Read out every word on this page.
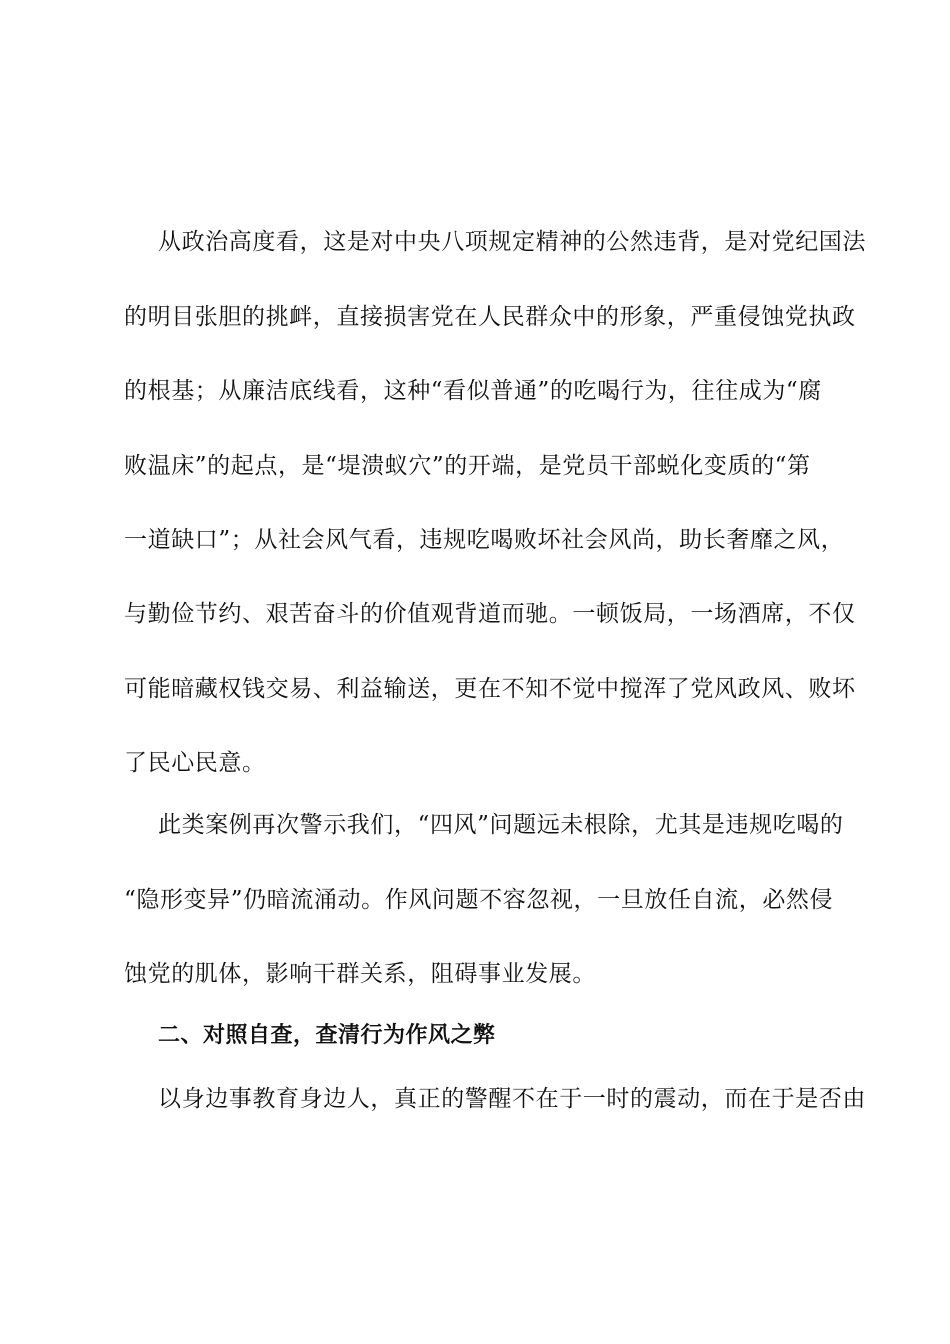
从政治高度看，这是对中央八项规定精神的公然违背，是对党纪国法
的明目张胆的挑衅，直接损害党在人民群众中的形象，严重侵蚀党执政
的根基；从廉洁底线看，这种“看似普通”的吃喝行为，往往成为“腐
败温床”的起点，是“堤溃蚁穴”的开端，是党员干部蜕化变质的“第
一道缺口”；从社会风气看，违规吃喝败坏社会风尚，助长奢靡之风，
与勤俭节约、艰苦奋斗的价值观背道而驰。一顿饭局，一场酒席，不仅
可能暗藏权钱交易、利益输送，更在不知不觉中搅浑了党风政风、败坏
了民心民意。
此类案例再次警示我们，“四风”问题远未根除，尤其是违规吃喝的
“隐形变异”仍暗流涌动。作风问题不容忽视，一旦放任自流，必然侵
蚀党的肌体，影响干群关系，阻碍事业发展。
二、对照自查，查清行为作风之弊
以身边事教育身边人，真正的警醒不在于一时的震动，而在于是否由
